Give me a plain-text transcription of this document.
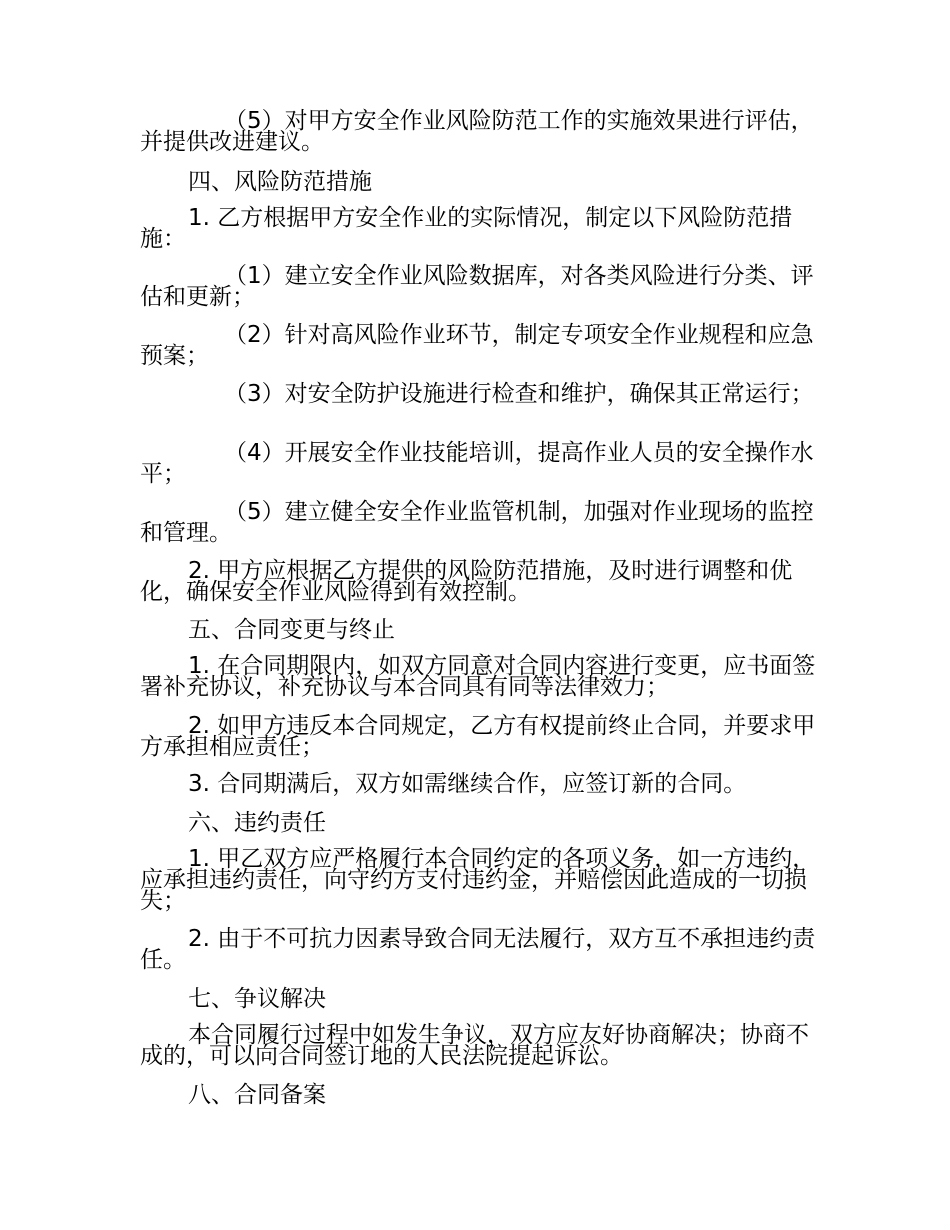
（5）对甲方安全作业风险防范工作的实施效果进行评估，并提供改进建议。

四、风险防范措施

1. 乙方根据甲方安全作业的实际情况，制定以下风险防范措施：

（1）建立安全作业风险数据库，对各类风险进行分类、评估和更新；

（2）针对高风险作业环节，制定专项安全作业规程和应急预案；

（3）对安全防护设施进行检查和维护，确保其正常运行；

（4）开展安全作业技能培训，提高作业人员的安全操作水平；

（5）建立健全安全作业监管机制，加强对作业现场的监控和管理。

2. 甲方应根据乙方提供的风险防范措施，及时进行调整和优化，确保安全作业风险得到有效控制。

五、合同变更与终止

1. 在合同期限内，如双方同意对合同内容进行变更，应书面签署补充协议，补充协议与本合同具有同等法律效力；

2. 如甲方违反本合同规定，乙方有权提前终止合同，并要求甲方承担相应责任；

3. 合同期满后，双方如需继续合作，应签订新的合同。

六、违约责任

1. 甲乙双方应严格履行本合同约定的各项义务，如一方违约，应承担违约责任，向守约方支付违约金，并赔偿因此造成的一切损失；

2. 由于不可抗力因素导致合同无法履行，双方互不承担违约责任。

七、争议解决

本合同履行过程中如发生争议，双方应友好协商解决；协商不成的，可以向合同签订地的人民法院提起诉讼。

八、合同备案
